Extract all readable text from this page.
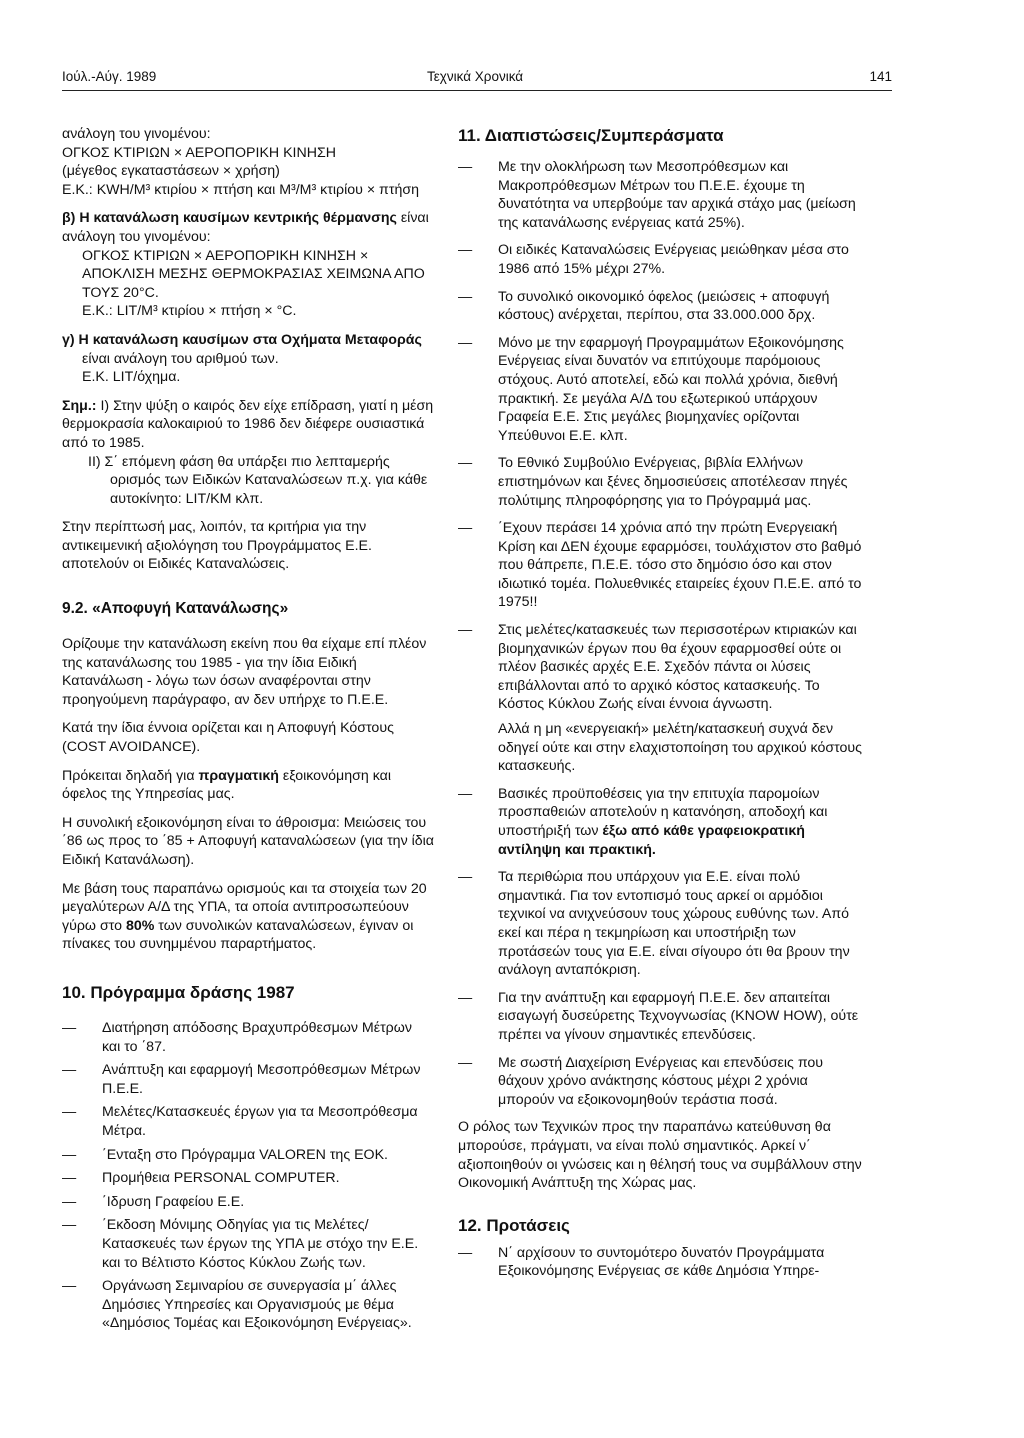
Ιούλ.-Αύγ. 1989	Τεχνικά Χρονικά	141

ανάλογη του γινομένου:

ΟΓΚΟΣ ΚΤΙΡΙΩΝ × ΑΕΡΟΠΟΡΙΚΗ ΚΙΝΗΣΗ

(μέγεθος εγκαταστάσεων × χρήση)

Ε.Κ.: KWH/M³ κτιρίου × πτήση και M³/M³ κτιρίου × πτήση

β) Η κατανάλωση καυσίμων κεντρικής θέρμανσης είναι ανάλογη του γινομένου:

ΟΓΚΟΣ ΚΤΙΡΙΩΝ × ΑΕΡΟΠΟΡΙΚΗ ΚΙΝΗΣΗ × ΑΠΟΚΛΙΣΗ ΜΕΣΗΣ ΘΕΡΜΟΚΡΑΣΙΑΣ ΧΕΙΜΩΝΑ ΑΠΟ ΤΟΥΣ 20°C.

Ε.Κ.: LIT/M³ κτιρίου × πτήση × °C.

γ) Η κατανάλωση καυσίμων στα Οχήματα Μεταφοράς

είναι ανάλογη του αριθμού των.

Ε.Κ. LIT/όχημα.

Σημ.: I) Στην ψύξη ο καιρός δεν είχε επίδραση, γιατί η μέση θερμοκρασία καλοκαιριού το 1986 δεν διέφερε ουσιαστικά από το 1985.

II) Σ΄ επόμενη φάση θα υπάρξει πιο λεπταμερής ορισμός των Ειδικών Καταναλώσεων π.χ. για κάθε αυτοκίνητο: LIT/KM κλπ.

Στην περίπτωσή μας, λοιπόν, τα κριτήρια για την αντικειμενική αξιολόγηση του Προγράμματος Ε.Ε. αποτελούν οι Ειδικές Καταναλώσεις.

9.2. «Αποφυγή Κατανάλωσης»

Ορίζουμε την κατανάλωση εκείνη που θα είχαμε επί πλέον της κατανάλωσης του 1985 - για την ίδια Ειδική Κατανάλωση - λόγω των όσων αναφέρονται στην προηγούμενη παράγραφο, αν δεν υπήρχε το Π.Ε.Ε.

Κατά την ίδια έννοια ορίζεται και η Αποφυγή Κόστους (COST AVOIDANCE).

Πρόκειται δηλαδή για πραγματική εξοικονόμηση και όφελος της Υπηρεσίας μας.

Η συνολική εξοικονόμηση είναι το άθροισμα: Μειώσεις του ΄86 ως προς το ΄85 + Αποφυγή καταναλώσεων (για την ίδια Ειδική Κατανάλωση).

Με βάση τους παραπάνω ορισμούς και τα στοιχεία των 20 μεγαλύτερων Α/Δ της ΥΠΑ, τα οποία αντιπροσωπεύουν γύρω στο 80% των συνολικών καταναλώσεων, έγιναν οι πίνακες του συνημμένου παραρτήματος.

10. Πρόγραμμα δράσης 1987

— Διατήρηση απόδοσης Βραχυπρόθεσμων Μέτρων και το ΄87.

— Ανάπτυξη και εφαρμογή Μεσοπρόθεσμων Μέτρων Π.Ε.Ε.

— Μελέτες/Κατασκευές έργων για τα Μεσοπρόθεσμα Μέτρα.

— ΄Ενταξη στο Πρόγραμμα VALOREN της ΕΟΚ.

— Προμήθεια PERSONAL COMPUTER.

— ΄Ιδρυση Γραφείου Ε.Ε.

— ΄Εκδοση Μόνιμης Οδηγίας για τις Μελέτες/Κατασκευές των έργων της ΥΠΑ με στόχο την Ε.Ε. και το Βέλτιστο Κόστος Κύκλου Ζωής των.

— Οργάνωση Σεμιναρίου σε συνεργασία μ΄ άλλες Δημόσιες Υπηρεσίες και Οργανισμούς με θέμα «Δημόσιος Τομέας και Εξοικονόμηση Ενέργειας».

11. Διαπιστώσεις/Συμπεράσματα

— Με την ολοκλήρωση των Μεσοπρόθεσμων και Μακροπρόθεσμων Μέτρων του Π.Ε.Ε. έχουμε τη δυνατότητα να υπερβούμε ταν αρχικά στάχο μας (μείωση της κατανάλωσης ενέργειας κατά 25%).

— Οι ειδικές Καταναλώσεις Ενέργειας μειώθηκαν μέσα στο 1986 από 15% μέχρι 27%.

— Το συνολικό οικονομικό όφελος (μειώσεις + αποφυγή κόστους) ανέρχεται, περίπου, στα 33.000.000 δρχ.

— Μόνο με την εφαρμογή Προγραμμάτων Εξοικονόμησης Ενέργειας είναι δυνατόν να επιτύχουμε παρόμοιους στόχους. Αυτό αποτελεί, εδώ και πολλά χρόνια, διεθνή πρακτική. Σε μεγάλα Α/Δ του εξωτερικού υπάρχουν Γραφεία Ε.Ε. Στις μεγάλες βιομηχανίες ορίζονται Υπεύθυνοι Ε.Ε. κλπ.

— Το Εθνικό Συμβούλιο Ενέργειας, βιβλία Ελλήνων επιστημόνων και ξένες δημοσιεύσεις αποτέλεσαν πηγές πολύτιμης πληροφόρησης για το Πρόγραμμά μας.

— ΄Εχουν περάσει 14 χρόνια από την πρώτη Ενεργειακή Κρίση και ΔΕΝ έχουμε εφαρμόσει, τουλάχιστον στο βαθμό που θάπρεπε, Π.Ε.Ε. τόσο στο δημόσιο όσο και στον ιδιωτικό τομέα. Πολυεθνικές εταιρείες έχουν Π.Ε.Ε. από το 1975!!

— Στις μελέτες/κατασκευές των περισσοτέρων κτιριακών και βιομηχανικών έργων που θα έχουν εφαρμοσθεί ούτε οι πλέον βασικές αρχές Ε.Ε. Σχεδόν πάντα οι λύσεις επιβάλλονται από το αρχικό κόστος κατασκευής. Το Κόστος Κύκλου Ζωής είναι έννοια άγνωστη.

Αλλά η μη «ενεργειακή» μελέτη/κατασκευή συχνά δεν οδηγεί ούτε και στην ελαχιστοποίηση του αρχικού κόστους κατασκευής.

— Βασικές προϋποθέσεις για την επιτυχία παρομοίων προσπαθειών αποτελούν η κατανόηση, αποδοχή και υποστήριξή των έξω από κάθε γραφειοκρατική αντίληψη και πρακτική.

— Τα περιθώρια που υπάρχουν για Ε.Ε. είναι πολύ σημαντικά. Για τον εντοπισμό τους αρκεί οι αρμόδιοι τεχνικοί να ανιχνεύσουν τους χώρους ευθύνης των. Από εκεί και πέρα η τεκμηρίωση και υποστήριξη των προτάσεών τους για Ε.Ε. είναι σίγουρο ότι θα βρουν την ανάλογη ανταπόκριση.

— Για την ανάπτυξη και εφαρμογή Π.Ε.Ε. δεν απαιτείται εισαγωγή δυσεύρετης Τεχνογνωσίας (KNOW HOW), ούτε πρέπει να γίνουν σημαντικές επενδύσεις.

— Με σωστή Διαχείριση Ενέργειας και επενδύσεις που θάχουν χρόνο ανάκτησης κόστους μέχρι 2 χρόνια μπορούν να εξοικονομηθούν τεράστια ποσά.

Ο ρόλος των Τεχνικών προς την παραπάνω κατεύθυνση θα μπορούσε, πράγματι, να είναι πολύ σημαντικός. Αρκεί ν΄ αξιοποιηθούν οι γνώσεις και η θέλησή τους να συμβάλλουν στην Οικονομική Ανάπτυξη της Χώρας μας.

12. Προτάσεις

— Ν΄ αρχίσουν το συντομότερο δυνατόν Προγράμματα Εξοικονόμησης Ενέργειας σε κάθε Δημόσια Υπηρε-
